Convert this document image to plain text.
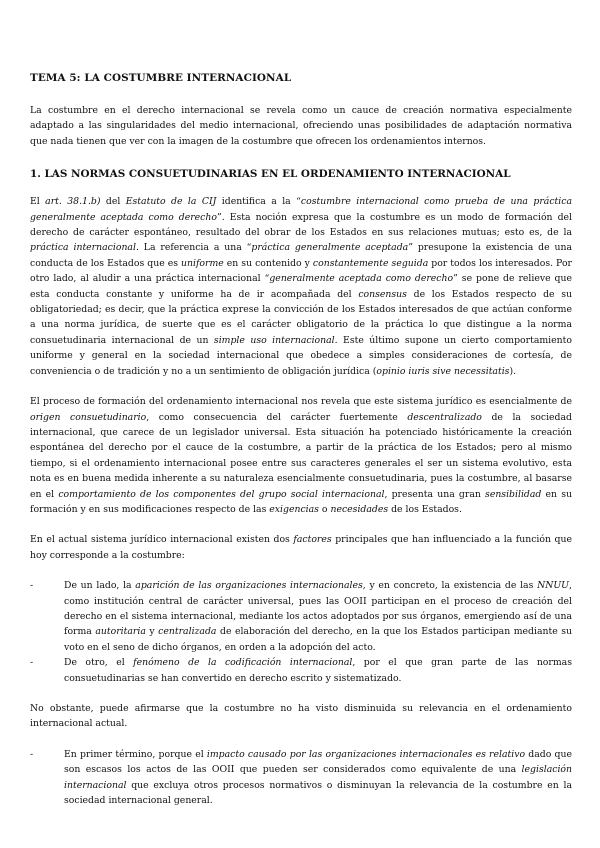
TEMA 5: LA COSTUMBRE INTERNACIONAL

La costumbre en el derecho internacional se revela como un cauce de creación normativa especialmente adaptado a las singularidades del medio internacional, ofreciendo unas posibilidades de adaptación normativa que nada tienen que ver con la imagen de la costumbre que ofrecen los ordenamientos internos.

1. LAS NORMAS CONSUETUDINARIAS EN EL ORDENAMIENTO INTERNACIONAL

El art. 38.1.b) del Estatuto de la CIJ identifica a la “costumbre internacional como prueba de una práctica generalmente aceptada como derecho”. Esta noción expresa que la costumbre es un modo de formación del derecho de carácter espontáneo, resultado del obrar de los Estados en sus relaciones mutuas; esto es, de la práctica internacional. La referencia a una “práctica generalmente aceptada” presupone la existencia de una conducta de los Estados que es uniforme en su contenido y constantemente seguida por todos los interesados. Por otro lado, al aludir a una práctica internacional “generalmente aceptada como derecho” se pone de relieve que esta conducta constante y uniforme ha de ir acompañada del consensus de los Estados respecto de su obligatoriedad; es decir, que la práctica exprese la convicción de los Estados interesados de que actúan conforme a una norma jurídica, de suerte que es el carácter obligatorio de la práctica lo que distingue a la norma consuetudinaria internacional de un simple uso internacional. Este último supone un cierto comportamiento uniforme y general en la sociedad internacional que obedece a simples consideraciones de cortesía, de conveniencia o de tradición y no a un sentimiento de obligación jurídica (opinio iuris sive necessitatis).

El proceso de formación del ordenamiento internacional nos revela que este sistema jurídico es esencialmente de origen consuetudinario, como consecuencia del carácter fuertemente descentralizado de la sociedad internacional, que carece de un legislador universal. Esta situación ha potenciado históricamente la creación espontánea del derecho por el cauce de la costumbre, a partir de la práctica de los Estados; pero al mismo tiempo, si el ordenamiento internacional posee entre sus caracteres generales el ser un sistema evolutivo, esta nota es en buena medida inherente a su naturaleza esencialmente consuetudinaria, pues la costumbre, al basarse en el comportamiento de los componentes del grupo social internacional, presenta una gran sensibilidad en su formación y en sus modificaciones respecto de las exigencias o necesidades de los Estados.

En el actual sistema jurídico internacional existen dos factores principales que han influenciado a la función que hoy corresponde a la costumbre:

-	De un lado, la aparición de las organizaciones internacionales, y en concreto, la existencia de las NNUU, como institución central de carácter universal, pues las OOII participan en el proceso de creación del derecho en el sistema internacional, mediante los actos adoptados por sus órganos, emergiendo así de una forma autoritaria y centralizada de elaboración del derecho, en la que los Estados participan mediante su voto en el seno de dicho órganos, en orden a la adopción del acto.

-	De otro, el fenómeno de la codificación internacional, por el que gran parte de las normas consuetudinarias se han convertido en derecho escrito y sistematizado.

No obstante, puede afirmarse que la costumbre no ha visto disminuida su relevancia en el ordenamiento internacional actual.

-	En primer término, porque el impacto causado por las organizaciones internacionales es relativo dado que son escasos los actos de las OOII que pueden ser considerados como equivalente de una legislación internacional que excluya otros procesos normativos o disminuyan la relevancia de la costumbre en la sociedad internacional general.
